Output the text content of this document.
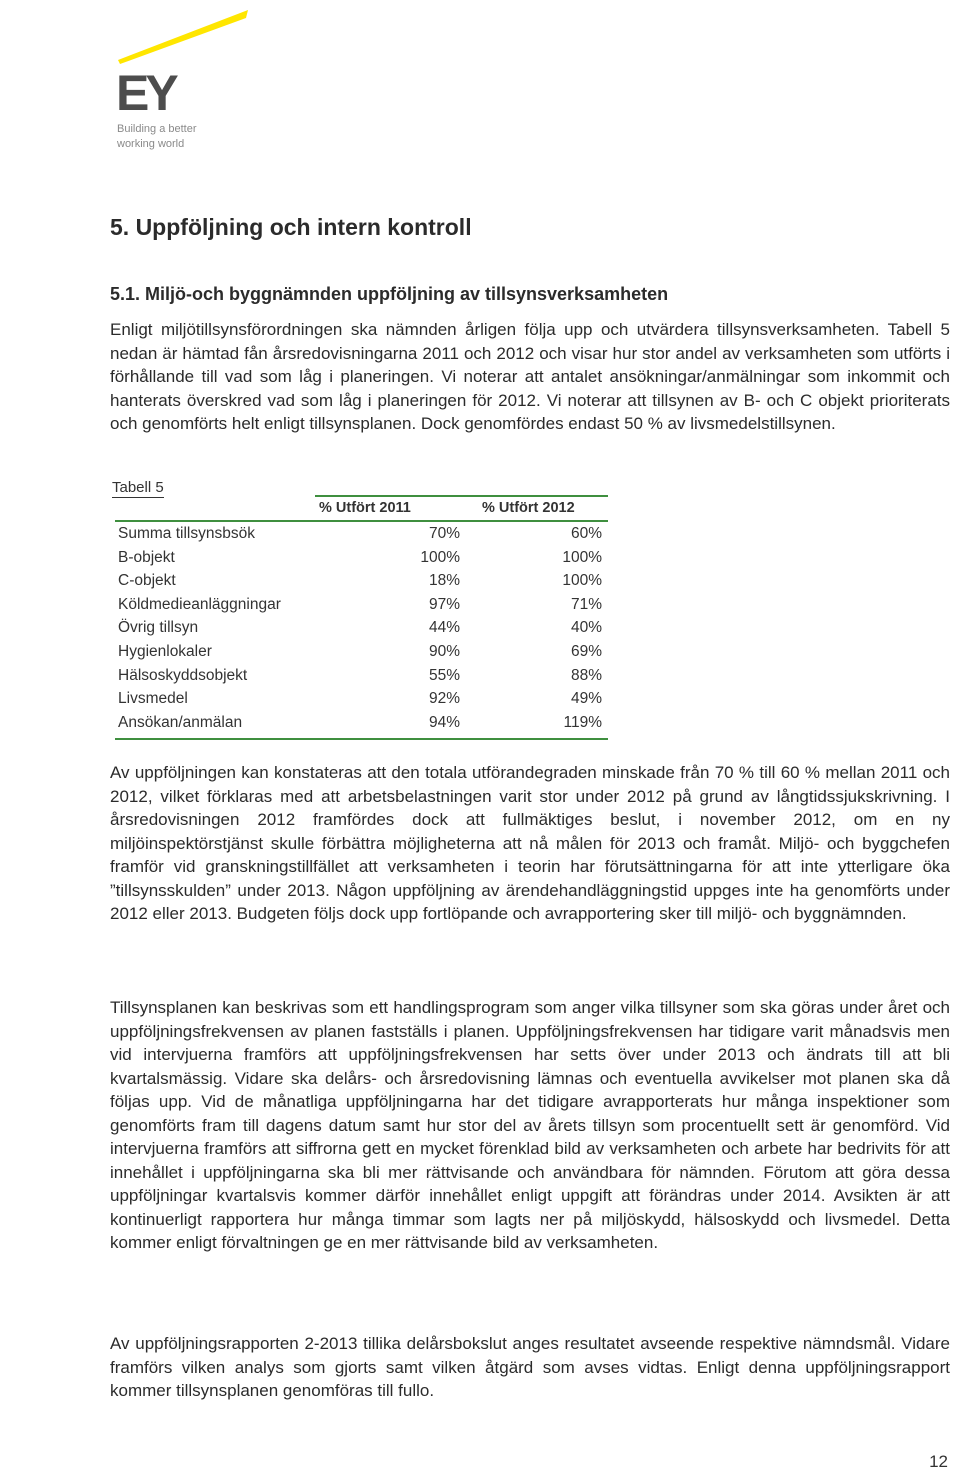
EY
Building a better
working world
5. Uppföljning och intern kontroll
5.1. Miljö-och byggnämnden uppföljning av tillsynsverksamheten

Enligt miljötillsynsförordningen ska nämnden årligen följa upp och utvärdera tillsynsverksamheten. Tabell 5 nedan är hämtad fån årsredovisningarna 2011 och 2012 och visar hur stor andel av verksamheten som utförts i förhållande till vad som låg i planeringen. Vi noterar att antalet ansökningar/anmälningar som inkommit och hanterats överskred vad som låg i planeringen för 2012. Vi noterar att tillsynen av B- och C objekt prioriterats och genomförts helt enligt tillsynsplanen. Dock genomfördes endast 50 % av livsmedelstillsynen.

Tabell 5
% Utfört 2011	% Utfört 2012
Summa tillsynsbsök	70%	60%
B-objekt	100%	100%
C-objekt	18%	100%
Köldmedieanläggningar	97%	71%
Övrig tillsyn	44%	40%
Hygienlokaler	90%	69%
Hälsoskyddsobjekt	55%	88%
Livsmedel	92%	49%
Ansökan/anmälan	94%	119%

Av uppföljningen kan konstateras att den totala utförandegraden minskade från 70 % till 60 % mellan 2011 och 2012, vilket förklaras med att arbetsbelastningen varit stor under 2012 på grund av långtidssjukskrivning. I årsredovisningen 2012 framfördes dock att fullmäktiges beslut, i november 2012, om en ny miljöinspektörstjänst skulle förbättra möjligheterna att nå målen för 2013 och framåt. Miljö- och byggchefen framför vid granskningstillfället att verksamheten i teorin har förutsättningarna för att inte ytterligare öka ”tillsynsskulden” under 2013. Någon uppföljning av ärendehandläggningstid uppges inte ha genomförts under 2012 eller 2013. Budgeten följs dock upp fortlöpande och avrapportering sker till miljö- och byggnämnden.

Tillsynsplanen kan beskrivas som ett handlingsprogram som anger vilka tillsyner som ska göras under året och uppföljningsfrekvensen av planen fastställs i planen. Uppföljningsfrekvensen har tidigare varit månadsvis men vid intervjuerna framförs att uppföljningsfrekvensen har setts över under 2013 och ändrats till att bli kvartalsmässig. Vidare ska delårs- och årsredovisning lämnas och eventuella avvikelser mot planen ska då följas upp. Vid de månatliga uppföljningarna har det tidigare avrapporterats hur många inspektioner som genomförts fram till dagens datum samt hur stor del av årets tillsyn som procentuellt sett är genomförd. Vid intervjuerna framförs att siffrorna gett en mycket förenklad bild av verksamheten och arbete har bedrivits för att innehållet i uppföljningarna ska bli mer rättvisande och användbara för nämnden. Förutom att göra dessa uppföljningar kvartalsvis kommer därför innehållet enligt uppgift att förändras under 2014. Avsikten är att kontinuerligt rapportera hur många timmar som lagts ner på miljöskydd, hälsoskydd och livsmedel. Detta kommer enligt förvaltningen ge en mer rättvisande bild av verksamheten.

Av uppföljningsrapporten 2-2013 tillika delårsbokslut anges resultatet avseende respektive nämndsmål. Vidare framförs vilken analys som gjorts samt vilken åtgärd som avses vidtas. Enligt denna uppföljningsrapport kommer tillsynsplanen genomföras till fullo.

12
